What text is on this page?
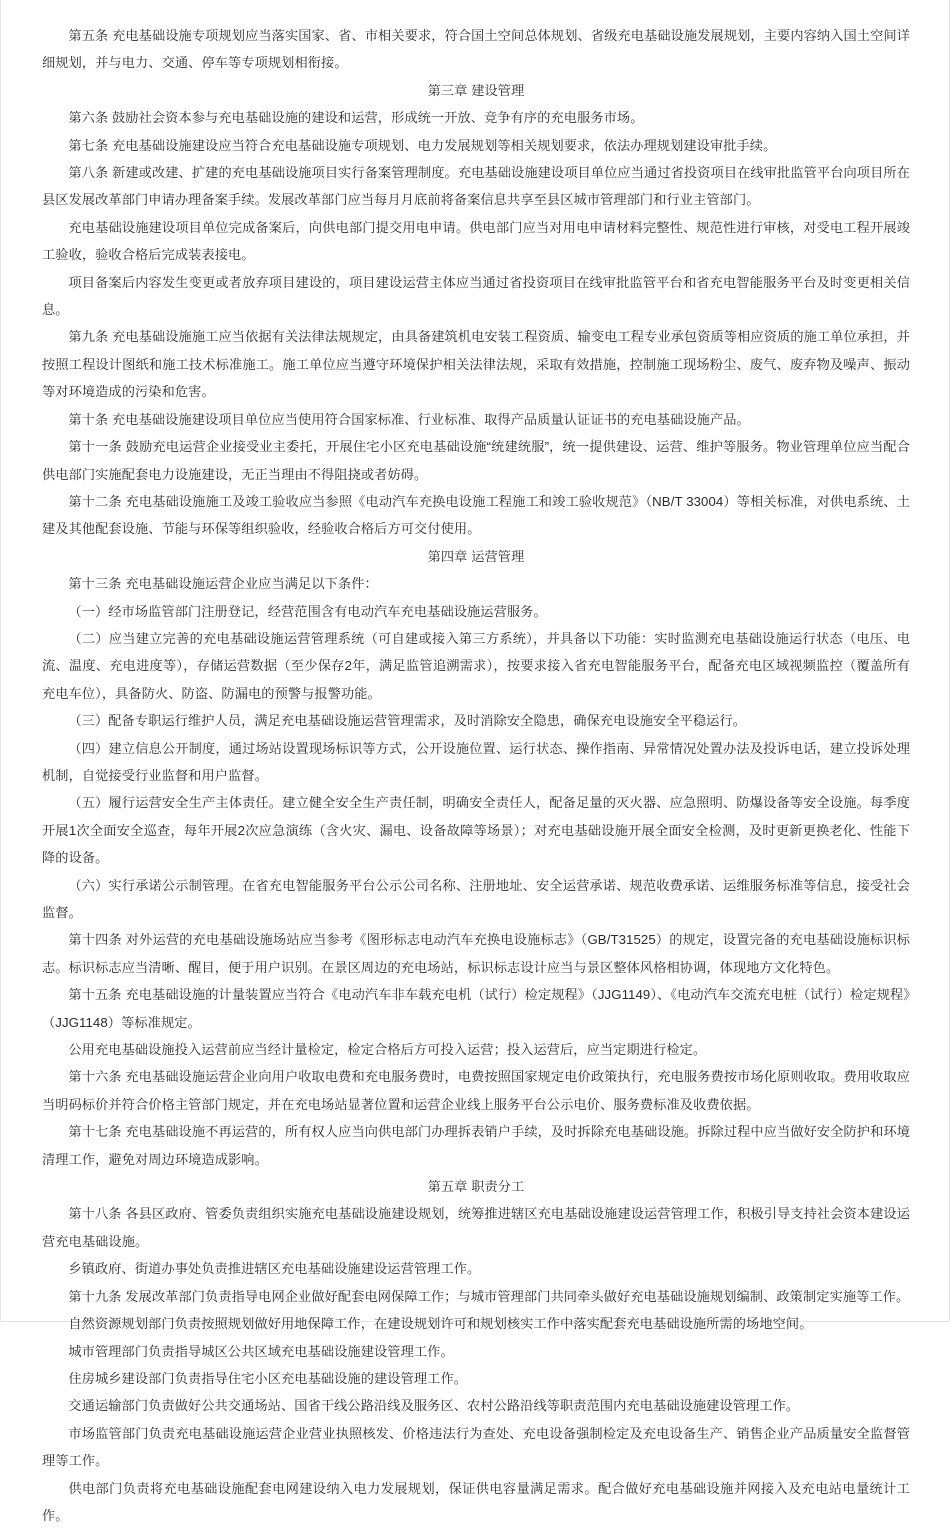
第五条 充电基础设施专项规划应当落实国家、省、市相关要求，符合国土空间总体规划、省级充电基础设施发展规划，主要内容纳入国土空间详细规划，并与电力、交通、停车等专项规划相衔接。

第三章 建设管理

第六条 鼓励社会资本参与充电基础设施的建设和运营，形成统一开放、竞争有序的充电服务市场。

第七条 充电基础设施建设应当符合充电基础设施专项规划、电力发展规划等相关规划要求，依法办理规划建设审批手续。

第八条 新建或改建、扩建的充电基础设施项目实行备案管理制度。充电基础设施建设项目单位应当通过省投资项目在线审批监管平台向项目所在县区发展改革部门申请办理备案手续。发展改革部门应当每月月底前将备案信息共享至县区城市管理部门和行业主管部门。

充电基础设施建设项目单位完成备案后，向供电部门提交用电申请。供电部门应当对用电申请材料完整性、规范性进行审核，对受电工程开展竣工验收，验收合格后完成装表接电。

项目备案后内容发生变更或者放弃项目建设的，项目建设运营主体应当通过省投资项目在线审批监管平台和省充电智能服务平台及时变更相关信息。

第九条 充电基础设施施工应当依据有关法律法规规定，由具备建筑机电安装工程资质、输变电工程专业承包资质等相应资质的施工单位承担，并按照工程设计图纸和施工技术标准施工。施工单位应当遵守环境保护相关法律法规，采取有效措施，控制施工现场粉尘、废气、废弃物及噪声、振动等对环境造成的污染和危害。

第十条 充电基础设施建设项目单位应当使用符合国家标准、行业标准、取得产品质量认证证书的充电基础设施产品。

第十一条 鼓励充电运营企业接受业主委托，开展住宅小区充电基础设施“统建统服”，统一提供建设、运营、维护等服务。物业管理单位应当配合供电部门实施配套电力设施建设，无正当理由不得阻挠或者妨碍。

第十二条 充电基础设施施工及竣工验收应当参照《电动汽车充换电设施工程施工和竣工验收规范》（NB/T 33004）等相关标准，对供电系统、土建及其他配套设施、节能与环保等组织验收，经验收合格后方可交付使用。

第四章 运营管理

第十三条 充电基础设施运营企业应当满足以下条件：

（一）经市场监管部门注册登记，经营范围含有电动汽车充电基础设施运营服务。

（二）应当建立完善的充电基础设施运营管理系统（可自建或接入第三方系统），并具备以下功能：实时监测充电基础设施运行状态（电压、电流、温度、充电进度等），存储运营数据（至少保存2年，满足监管追溯需求），按要求接入省充电智能服务平台，配备充电区域视频监控（覆盖所有充电车位），具备防火、防盗、防漏电的预警与报警功能。

（三）配备专职运行维护人员，满足充电基础设施运营管理需求，及时消除安全隐患，确保充电设施安全平稳运行。

（四）建立信息公开制度，通过场站设置现场标识等方式，公开设施位置、运行状态、操作指南、异常情况处置办法及投诉电话，建立投诉处理机制，自觉接受行业监督和用户监督。

（五）履行运营安全生产主体责任。建立健全安全生产责任制，明确安全责任人，配备足量的灭火器、应急照明、防爆设备等安全设施。每季度开展1次全面安全巡查，每年开展2次应急演练（含火灾、漏电、设备故障等场景）；对充电基础设施开展全面安全检测，及时更新更换老化、性能下降的设备。

（六）实行承诺公示制管理。在省充电智能服务平台公示公司名称、注册地址、安全运营承诺、规范收费承诺、运维服务标准等信息，接受社会监督。

第十四条 对外运营的充电基础设施场站应当参考《图形标志电动汽车充换电设施标志》（GB/T31525）的规定，设置完备的充电基础设施标识标志。标识标志应当清晰、醒目，便于用户识别。在景区周边的充电场站，标识标志设计应当与景区整体风格相协调，体现地方文化特色。

第十五条 充电基础设施的计量装置应当符合《电动汽车非车载充电机（试行）检定规程》（JJG1149）、《电动汽车交流充电桩（试行）检定规程》（JJG1148）等标准规定。

公用充电基础设施投入运营前应当经计量检定，检定合格后方可投入运营；投入运营后，应当定期进行检定。

第十六条 充电基础设施运营企业向用户收取电费和充电服务费时，电费按照国家规定电价政策执行，充电服务费按市场化原则收取。费用收取应当明码标价并符合价格主管部门规定，并在充电场站显著位置和运营企业线上服务平台公示电价、服务费标准及收费依据。

第十七条 充电基础设施不再运营的，所有权人应当向供电部门办理拆表销户手续，及时拆除充电基础设施。拆除过程中应当做好安全防护和环境清理工作，避免对周边环境造成影响。

第五章 职责分工

第十八条 各县区政府、管委负责组织实施充电基础设施建设规划，统筹推进辖区充电基础设施建设运营管理工作，积极引导支持社会资本建设运营充电基础设施。

乡镇政府、街道办事处负责推进辖区充电基础设施建设运营管理工作。

第十九条 发展改革部门负责指导电网企业做好配套电网保障工作；与城市管理部门共同牵头做好充电基础设施规划编制、政策制定实施等工作。

自然资源规划部门负责按照规划做好用地保障工作，在建设规划许可和规划核实工作中落实配套充电基础设施所需的场地空间。

城市管理部门负责指导城区公共区域充电基础设施建设管理工作。

住房城乡建设部门负责指导住宅小区充电基础设施的建设管理工作。

交通运输部门负责做好公共交通场站、国省干线公路沿线及服务区、农村公路沿线等职责范围内充电基础设施建设管理工作。

市场监管部门负责充电基础设施运营企业营业执照核发、价格违法行为查处、充电设备强制检定及充电设备生产、销售企业产品质量安全监督管理等工作。

供电部门负责将充电基础设施配套电网建设纳入电力发展规划，保证供电容量满足需求。配合做好充电基础设施并网接入及充电站电量统计工作。
